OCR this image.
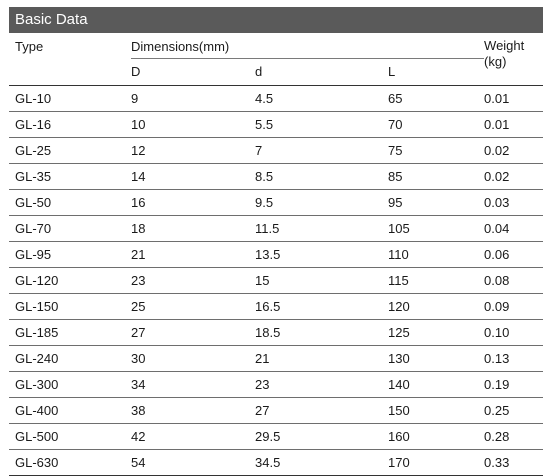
Basic Data
Type	Dimensions(mm)			Weight
(kg)

	D	d	L	

GL-10	9	4.5	65	0.01
GL-16	10	5.5	70	0.01
GL-25	12	7	75	0.02
GL-35	14	8.5	85	0.02
GL-50	16	9.5	95	0.03
GL-70	18	11.5	105	0.04
GL-95	21	13.5	110	0.06
GL-120	23	15	115	0.08
GL-150	25	16.5	120	0.09
GL-185	27	18.5	125	0.10
GL-240	30	21	130	0.13
GL-300	34	23	140	0.19
GL-400	38	27	150	0.25
GL-500	42	29.5	160	0.28
GL-630	54	34.5	170	0.33
